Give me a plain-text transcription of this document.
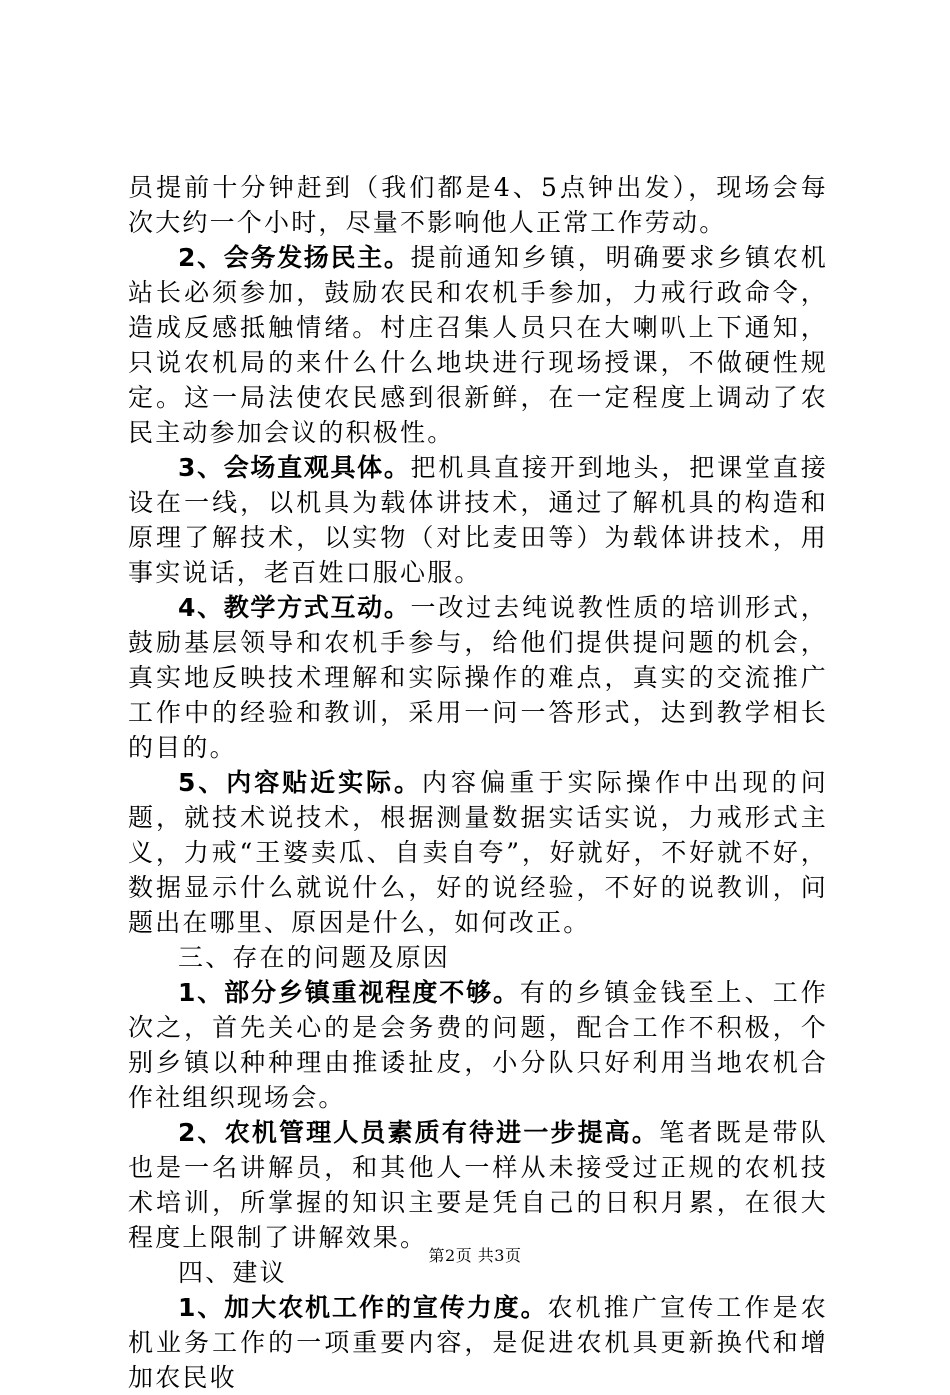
员提前十分钟赶到（我们都是4、5点钟出发），现场会每次大约一个小时，尽量不影响他人正常工作劳动。

2、会务发扬民主。提前通知乡镇，明确要求乡镇农机站长必须参加，鼓励农民和农机手参加，力戒行政命令，造成反感抵触情绪。村庄召集人员只在大喇叭上下通知，只说农机局的来什么什么地块进行现场授课，不做硬性规定。这一局法使农民感到很新鲜，在一定程度上调动了农民主动参加会议的积极性。

3、会场直观具体。把机具直接开到地头，把课堂直接设在一线，以机具为载体讲技术，通过了解机具的构造和原理了解技术，以实物（对比麦田等）为载体讲技术，用事实说话，老百姓口服心服。

4、教学方式互动。一改过去纯说教性质的培训形式，鼓励基层领导和农机手参与，给他们提供提问题的机会，真实地反映技术理解和实际操作的难点，真实的交流推广工作中的经验和教训，采用一问一答形式，达到教学相长的目的。

5、内容贴近实际。内容偏重于实际操作中出现的问题，就技术说技术，根据测量数据实话实说，力戒形式主义，力戒“王婆卖瓜、自卖自夸”，好就好，不好就不好，数据显示什么就说什么，好的说经验，不好的说教训，问题出在哪里、原因是什么，如何改正。

三、存在的问题及原因

1、部分乡镇重视程度不够。有的乡镇金钱至上、工作次之，首先关心的是会务费的问题，配合工作不积极，个别乡镇以种种理由推诿扯皮，小分队只好利用当地农机合作社组织现场会。

2、农机管理人员素质有待进一步提高。笔者既是带队也是一名讲解员，和其他人一样从未接受过正规的农机技术培训，所掌握的知识主要是凭自己的日积月累，在很大程度上限制了讲解效果。

四、建议

1、加大农机工作的宣传力度。农机推广宣传工作是农机业务工作的一项重要内容，是促进农机具更新换代和增加农民收

第2页 共3页
